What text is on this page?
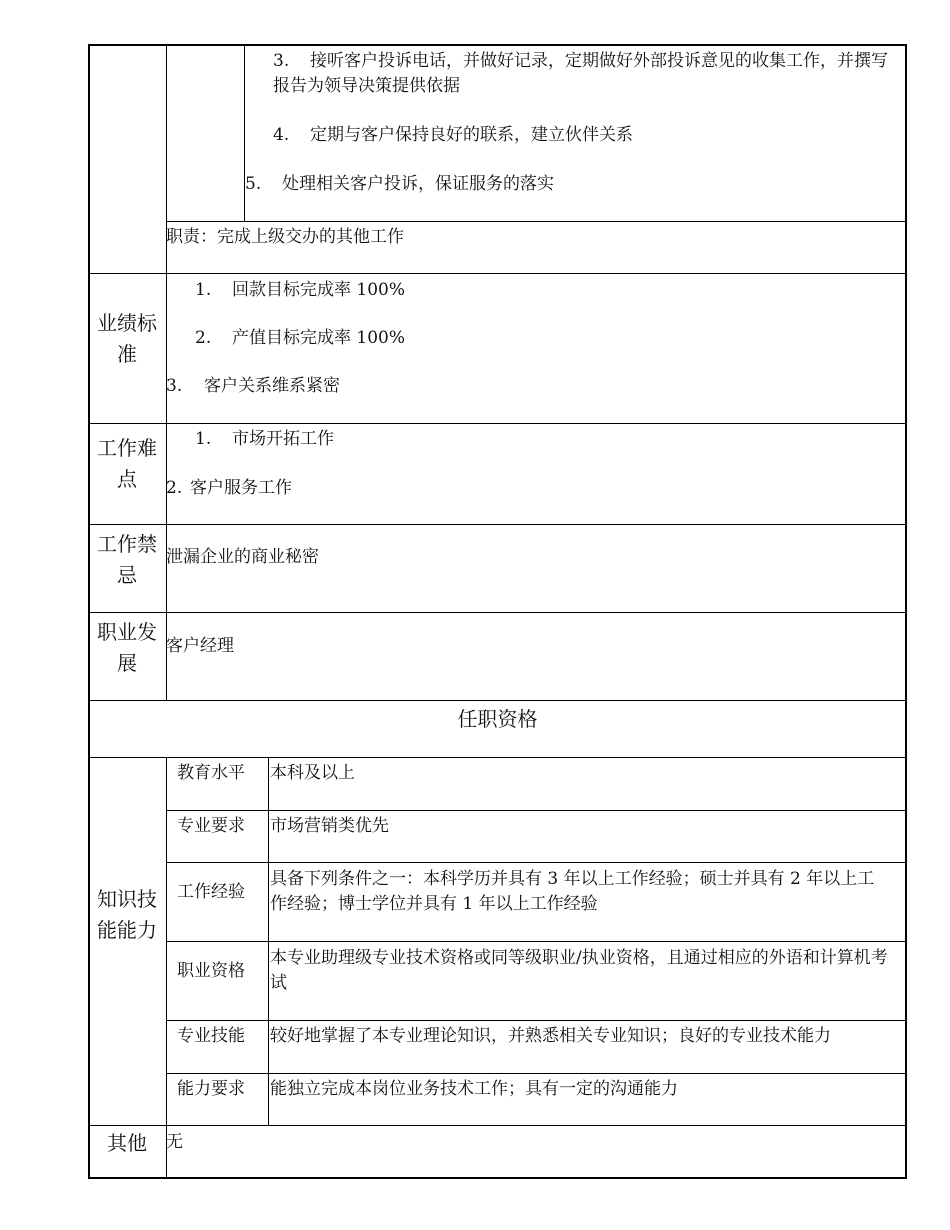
3.	接听客户投诉电话，并做好记录，定期做好外部投诉意见的收集工作，并撰写报告为领导决策提供依据
4. 定期与客户保持良好的联系，建立伙伴关系
5. 处理相关客户投诉，保证服务的落实
职责：完成上级交办的其他工作
业绩标准
1. 回款目标完成率 100%
2. 产值目标完成率 100%
3. 客户关系维系紧密
工作难点
1. 市场开拓工作
2. 客户服务工作
工作禁忌
泄漏企业的商业秘密
职业发展
客户经理
任职资格
知识技能能力
教育水平 本科及以上
专业要求 市场营销类优先
工作经验
具备下列条件之一：本科学历并具有 3 年以上工作经验；硕士并具有 2 年以上工作经验；博士学位并具有 1 年以上工作经验
职业资格
本专业助理级专业技术资格或同等级职业/执业资格，且通过相应的外语和计算机考试
专业技能 较好地掌握了本专业理论知识，并熟悉相关专业知识；良好的专业技术能力
能力要求 能独立完成本岗位业务技术工作；具有一定的沟通能力
其他	无
